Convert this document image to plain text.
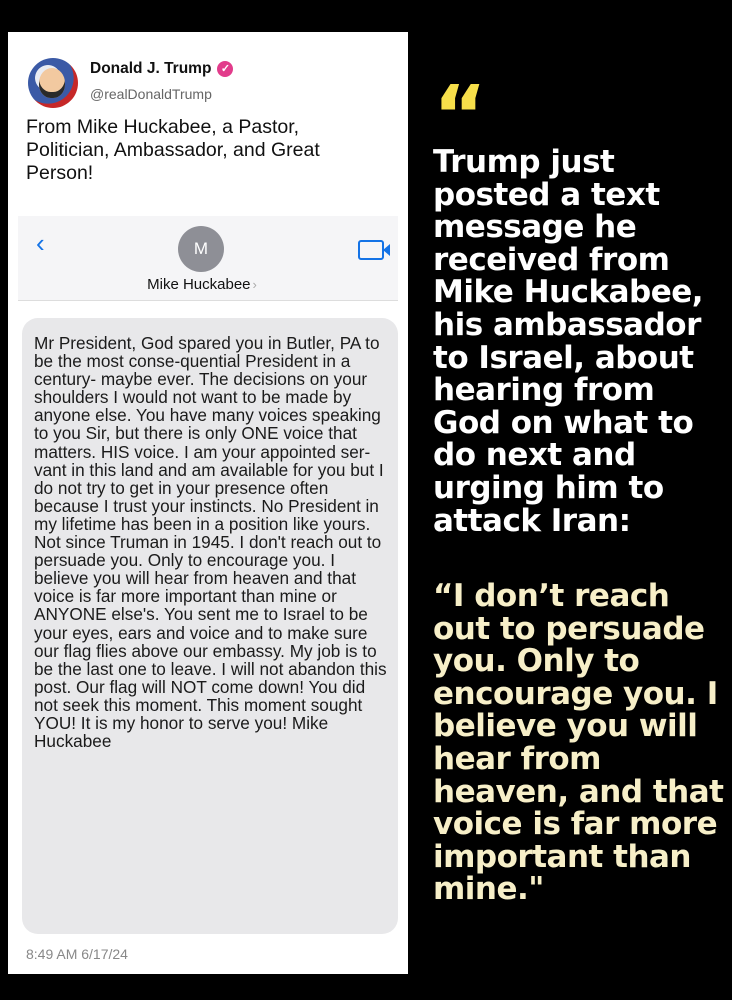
Donald J. Trump ✓
@realDonaldTrump
From Mike Huckabee, a Pastor, Politician, Ambassador, and Great Person!
‹	M
Mike Huckabee ›
Mr President, God spared you in Butler, PA to be the most conse-quential President in a century- maybe ever. The decisions on your shoulders I would not want to be made by anyone else. You have many voices speaking to you Sir, but there is only ONE voice that matters. HIS voice. I am your appointed ser-vant in this land and am available for you but I do not try to get in your presence often because I trust your instincts. No President in my lifetime has been in a position like yours. Not since Truman in 1945. I don't reach out to persuade you. Only to encourage you. I believe you will hear from heaven and that voice is far more important than mine or ANYONE else's. You sent me to Israel to be your eyes, ears and voice and to make sure our flag flies above our embassy. My job is to be the last one to leave. I will not abandon this post. Our flag will NOT come down! You did not seek this moment. This moment sought YOU! It is my honor to serve you! Mike Huckabee
8:49 AM 6/17/24
“
Trump just posted a text message he received from Mike Huckabee, his ambassador to Israel, about hearing from God on what to do next and urging him to attack Iran:
“I don’t reach out to persuade you. Only to encourage you. I believe you will hear from heaven, and that voice is far more important than mine."
